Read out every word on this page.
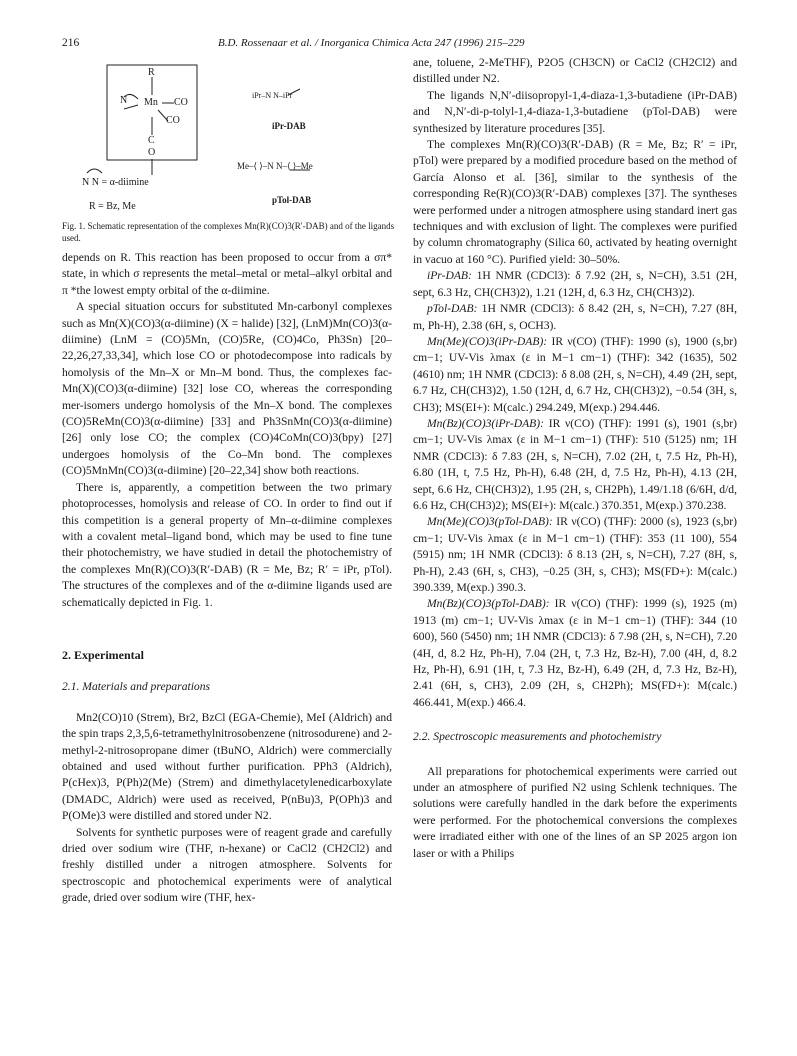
216	B.D. Rossenaar et al. / Inorganica Chimica Acta 247 (1996) 215–229
R
N Mn CO
CO
C
O
N N = α-diimine
R = Bz, Me
iPr–N N–iPr
iPr-DAB
Me–⟨ ⟩–N N–⟨ ⟩–Me
pTol-DAB
Fig. 1. Schematic representation of the complexes Mn(R)(CO)3(R′-DAB) and of the ligands used.

depends on R. This reaction has been proposed to occur from a σπ* state, in which σ represents the metal–metal or metal–alkyl orbital and π *the lowest empty orbital of the α-diimine.

A special situation occurs for substituted Mn-carbonyl complexes such as Mn(X)(CO)3(α-diimine) (X = halide) [32], (LnM)Mn(CO)3(α-diimine) (LnM = (CO)5Mn, (CO)5Re, (CO)4Co, Ph3Sn) [20–22,26,27,33,34], which lose CO or photodecompose into radicals by homolysis of the Mn–X or Mn–M bond. Thus, the complexes fac-Mn(X)(CO)3(α-diimine) [32] lose CO, whereas the corresponding mer-isomers undergo homolysis of the Mn–X bond. The complexes (CO)5ReMn(CO)3(α-diimine) [33] and Ph3SnMn(CO)3(α-diimine) [26] only lose CO; the complex (CO)4CoMn(CO)3(bpy) [27] undergoes homolysis of the Co–Mn bond. The complexes (CO)5MnMn(CO)3(α-diimine) [20–22,34] show both reactions.

There is, apparently, a competition between the two primary photoprocesses, homolysis and release of CO. In order to find out if this competition is a general property of Mn–α-diimine complexes with a covalent metal–ligand bond, which may be used to fine tune their photochemistry, we have studied in detail the photochemistry of the complexes Mn(R)(CO)3(R′-DAB) (R = Me, Bz; R′ = iPr, pTol). The structures of the complexes and of the α-diimine ligands used are schematically depicted in Fig. 1.

2. Experimental

2.1. Materials and preparations

Mn2(CO)10 (Strem), Br2, BzCl (EGA-Chemie), MeI (Aldrich) and the spin traps 2,3,5,6-tetramethylnitrosobenzene (nitrosodurene) and 2-methyl-2-nitrosopropane dimer (tBuNO, Aldrich) were commercially obtained and used without further purification. PPh3 (Aldrich), P(cHex)3, P(Ph)2(Me) (Strem) and dimethylacetylenedicarboxylate (DMADC, Aldrich) were used as received, P(nBu)3, P(OPh)3 and P(OMe)3 were distilled and stored under N2.

Solvents for synthetic purposes were of reagent grade and carefully dried over sodium wire (THF, n-hexane) or CaCl2 (CH2Cl2) and freshly distilled under a nitrogen atmosphere. Solvents for spectroscopic and photochemical experiments were of analytical grade, dried over sodium wire (THF, hex-

ane, toluene, 2-MeTHF), P2O5 (CH3CN) or CaCl2 (CH2Cl2) and distilled under N2.

The ligands N,N′-diisopropyl-1,4-diaza-1,3-butadiene (iPr-DAB) and N,N′-di-p-tolyl-1,4-diaza-1,3-butadiene (pTol-DAB) were synthesized by literature procedures [35].

The complexes Mn(R)(CO)3(R′-DAB) (R = Me, Bz; R′ = iPr, pTol) were prepared by a modified procedure based on the method of García Alonso et al. [36], similar to the synthesis of the corresponding Re(R)(CO)3(R′-DAB) complexes [37]. The syntheses were performed under a nitrogen atmosphere using standard inert gas techniques and with exclusion of light. The complexes were purified by column chromatography (Silica 60, activated by heating overnight in vacuo at 160 °C). Purified yield: 30–50%.

iPr-DAB: 1H NMR (CDCl3): δ 7.92 (2H, s, N=CH), 3.51 (2H, sept, 6.3 Hz, CH(CH3)2), 1.21 (12H, d, 6.3 Hz, CH(CH3)2).

pTol-DAB: 1H NMR (CDCl3): δ 8.42 (2H, s, N=CH), 7.27 (8H, m, Ph-H), 2.38 (6H, s, OCH3).

Mn(Me)(CO)3(iPr-DAB): IR ν(CO) (THF): 1990 (s), 1900 (s,br) cm−1; UV-Vis λmax (ε in M−1 cm−1) (THF): 342 (1635), 502 (4610) nm; 1H NMR (CDCl3): δ 8.08 (2H, s, N=CH), 4.49 (2H, sept, 6.7 Hz, CH(CH3)2), 1.50 (12H, d, 6.7 Hz, CH(CH3)2), −0.54 (3H, s, CH3); MS(EI+): M(calc.) 294.249, M(exp.) 294.446.

Mn(Bz)(CO)3(iPr-DAB): IR ν(CO) (THF): 1991 (s), 1901 (s,br) cm−1; UV-Vis λmax (ε in M−1 cm−1) (THF): 510 (5125) nm; 1H NMR (CDCl3): δ 7.83 (2H, s, N=CH), 7.02 (2H, t, 7.5 Hz, Ph-H), 6.80 (1H, t, 7.5 Hz, Ph-H), 6.48 (2H, d, 7.5 Hz, Ph-H), 4.13 (2H, sept, 6.6 Hz, CH(CH3)2), 1.95 (2H, s, CH2Ph), 1.49/1.18 (6/6H, d/d, 6.6 Hz, CH(CH3)2); MS(EI+): M(calc.) 370.351, M(exp.) 370.238.

Mn(Me)(CO)3(pTol-DAB): IR ν(CO) (THF): 2000 (s), 1923 (s,br) cm−1; UV-Vis λmax (ε in M−1 cm−1) (THF): 353 (11 100), 554 (5915) nm; 1H NMR (CDCl3): δ 8.13 (2H, s, N=CH), 7.27 (8H, s, Ph-H), 2.43 (6H, s, CH3), −0.25 (3H, s, CH3); MS(FD+): M(calc.) 390.339, M(exp.) 390.3.

Mn(Bz)(CO)3(pTol-DAB): IR ν(CO) (THF): 1999 (s), 1925 (m) 1913 (m) cm−1; UV-Vis λmax (ε in M−1 cm−1) (THF): 344 (10 600), 560 (5450) nm; 1H NMR (CDCl3): δ 7.98 (2H, s, N=CH), 7.20 (4H, d, 8.2 Hz, Ph-H), 7.04 (2H, t, 7.3 Hz, Bz-H), 7.00 (4H, d, 8.2 Hz, Ph-H), 6.91 (1H, t, 7.3 Hz, Bz-H), 6.49 (2H, d, 7.3 Hz, Bz-H), 2.41 (6H, s, CH3), 2.09 (2H, s, CH2Ph); MS(FD+): M(calc.) 466.441, M(exp.) 466.4.

2.2. Spectroscopic measurements and photochemistry

All preparations for photochemical experiments were carried out under an atmosphere of purified N2 using Schlenk techniques. The solutions were carefully handled in the dark before the experiments were performed. For the photochemical conversions the complexes were irradiated either with one of the lines of an SP 2025 argon ion laser or with a Philips
